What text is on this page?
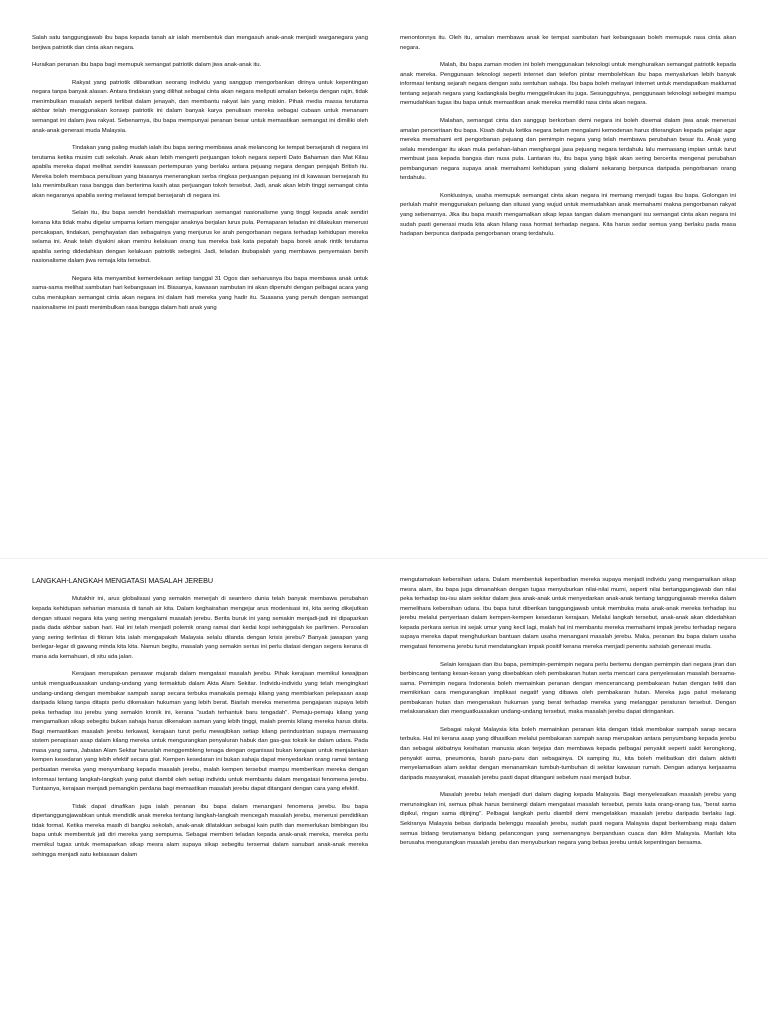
Salah satu tanggungjawab ibu bapa kepada tanah air ialah membentuk dan mengasuh anak-anak menjadi warganegara yang berjiwa patriotik dan cinta akan negara.

Huraikan peranan ibu bapa bagi memupuk semangat patriotik dalam jiwa anak-anak itu.

Rakyat yang patriotik diibaratkan seorang individu yang sanggup mengorbankan dirinya untuk kepentingan negara tanpa banyak alasan. Antara tindakan yang dilihat sebagai cinta akan negara meliputi amalan bekerja dengan rajin, tidak menimbulkan masalah seperti terlibat dalam jenayah, dan membantu rakyat lain yang miskin. Pihak media massa terutama akhbar telah menggunakan konsep patriotik ini dalam banyak karya penulisan mereka sebagai cubaan untuk menanam semangat ini dalam jiwa rakyat. Sebenarnya, ibu bapa mempunyai peranan besar untuk memastikan semangat ini dimiliki oleh anak-anak generasi muda Malaysia.

Tindakan yang paling mudah ialah ibu bapa sering membawa anak melancong ke tempat bersejarah di negara ini terutama ketika musim cuti sekolah. Anak akan lebih mengerti perjuangan tokoh negara seperti Dato Bahaman dan Mat Kilau apabila mereka dapat melihat sendiri kawasan pertempuran yang berlaku antara pejuang negara dengan penjajah British itu. Mereka boleh membaca penulisan yang biasanya menerangkan serba ringkas perjuangan pejuang ini di kawasan bersejarah itu lalu menimbulkan rasa bangga dan berterima kasih atas perjuangan tokoh tersebut. Jadi, anak akan lebih tinggi semangat cinta akan negaranya apabila sering melawat tempat bersejarah di negara ini.

Selain itu, ibu bapa sendiri hendaklah memaparkan semangat nasionalisme yang tinggi kepada anak sendiri kerana kita tidak mahu digelar umpama ketam mengajar anaknya berjalan lurus pula. Pemaparan teladan ini dilakukan menerusi percakapan, tindakan, penghayatan dan sebagainya yang menjurus ke arah pengorbanan negara terhadap kehidupan mereka selama ini. Anak telah diyakini akan meniru kelakuan orang tua mereka bak kata pepatah bapa borek anak rintik terutama apabila sering didedahkan dengan kelakuan patriotik sebegini. Jadi, teladan ibubapalah yang membawa penyemaian benih nasionalisme dalam jiwa remaja kita tersebut.

Negara kita menyambut kemerdekaan setiap tanggal 31 Ogos dan seharusnya ibu bapa membawa anak untuk sama-sama melihat sambutan hari kebangsaan ini. Biasanya, kawasan sambutan ini akan dipenuhi dengan pelbagai acara yang cuba meniupkan semangat cinta akan negara ini dalam hati mereka yang hadir itu. Suasana yang penuh dengan semangat nasionalisme ini pasti menimbulkan rasa bangga dalam hati anak yang

menontonnya itu. Oleh itu, amalan membawa anak ke tempat sambutan hari kebangsaan boleh memupuk rasa cinta akan negara.

Malah, ibu bapa zaman moden ini boleh menggunakan teknologi untuk menghuraikan semangat patriotik kepada anak mereka. Penggunaan teknologi seperti internet dan telefon pintar membolehkan ibu bapa menyalurkan lebih banyak informasi tentang sejarah negara dengan satu sentuhan sahaja. Ibu bapa boleh melayari internet untuk mendapatkan maklumat tentang sejarah negara yang kadangkala begitu menggelirukan itu juga. Sesungguhnya, penggunaan teknologi sebegini mampu memudahkan tugas ibu bapa untuk memastikan anak mereka memiliki rasa cinta akan negara.

Malahan, semangat cinta dan sanggup berkorban demi negara ini boleh disemai dalam jiwa anak menerusi amalan penceritaan ibu bapa. Kisah dahulu ketika negara belum mengalami kemodenan harus diterangkan kepada pelajar agar mereka memahami erti pengorbanan pejuang dan pemimpin negara yang telah membawa perubahan besar itu. Anak yang selalu mendengar itu akan mula perlahan-lahan menghargai jasa pejuang negara terdahulu lalu memasang impian untuk turut membuat jasa kepada bangsa dan nusa pula. Lantaran itu, ibu bapa yang bijak akan sering bercerita mengenai perubahan pembangunan negara supaya anak memahami kehidupan yang dialami sekarang berpunca daripada pengorbanan orang terdahulu.

Konklusinya, usaha memupuk semangat cinta akan negara ini memang menjadi tugas ibu bapa. Golongan ini perlulah mahir menggunakan peluang dan situasi yang wujud untuk memudahkan anak memahami makna pengorbanan rakyat yang sebenarnya. Jika ibu bapa masih mengamalkan sikap lepas tangan dalam menangani isu semangat cinta akan negara ini sudah pasti generasi muda kita akan hilang rasa hormat terhadap negara. Kita harus sedar semua yang berlaku pada masa hadapan berpunca daripada pengorbanan orang terdahulu.

LANGKAH-LANGKAH MENGATASI MASALAH JEREBU

Mutakhir ini, arus globalisasi yang semakin menerjah di seantero dunia telah banyak membawa perubahan kepada kehidupan seharian manusia di tanah air kita. Dalam keghairahan mengejar arus modenisasi ini, kita sering dikejutkan dengan situasi negara kita yang sering mengalami masalah jerebu. Berita buruk ini yang semakin menjadi-jadi ini dipaparkan pada dada akhbar saban hari. Hal ini telah menjadi polemik orang ramai dari kedai kopi sehinggalah ke parlimen. Persoalan yang sering terlintas di fikiran kita ialah mengapakah Malaysia selalu dilanda dengan krisis jerebu? Banyak jawapan yang berlegar-legar di gawang minda kita kita. Namun begitu, masalah yang semakin serius ini perlu diatasi dengan segera kerana di mana ada kemahuan, di situ ada jalan.

Kerajaan merupakan penawar mujarab dalam mengatasi masalah jerebu. Pihak kerajaan memikul kewajipan untuk menguatkuasakan undang-undang yang termaktub dalam Akta Alam Sekitar. Individu-individu yang telah mengingkari undang-undang dengan membakar sampah sarap secara terbuka manakala pemaju kilang yang membiarkan pelepasan asap daripada kilang tanpa ditapis perlu dikenakan hukuman yang lebih berat. Biarlah mereka menerima pengajaran supaya lebih peka terhadap isu jerebu yang semakin kronik ini, kerana "sudah terhantuk baru tengadah". Pemaju-pemaju kilang yang mengamalkan sikap sebegitu bukan sahaja harus dikenakan saman yang lebih tinggi, malah premis kilang mereka harus disita. Bagi memastikan masalah jerebu terkawal, kerajaan turut perlu mewajibkan setiap kilang perindustrian supaya memasang sistem penapisan asap dalam kilang mereka untuk mengurangkan penyaluran habuk dan gas-gas toksik ke dalam udara. Pada masa yang sama, Jabatan Alam Sekitar haruslah menggembleng tenaga dengan organisasi bukan kerajaan untuk menjalankan kempen kesedaran yang lebih efektif secara giat. Kempen kesedaran ini bukan sahaja dapat menyedarkan orang ramai tentang perbuatan mereka yang menyumbang kepada masalah jerebu, malah kempen tersebut mampu memberikan mereka dengan informasi tentang langkah-langkah yang patut diambil oleh setiap individu untuk membantu dalam mengatasi fenomena jerebu. Tuntasnya, kerajaan menjadi pemangkin perdana bagi memastikan masalah jerebu dapat ditangani dengan cara yang efektif.

Tidak dapat dinafikan juga ialah peranan ibu bapa dalam menangani fenomena jerebu. Ibu bapa dipertanggungjawabkan untuk mendidik anak mereka tentang langkah-langkah mencegah masalah jerebu, menerusi pendidikan tidak formal. Ketika mereka masih di bangku sekolah, anak-anak dilatakkan sebagai kain putih dan memerlukan bimbingan ibu bapa untuk membentuk jati diri mereka yang sempurna. Sebagai memberi teladan kepada anak-anak mereka, mereka perlu memikul tugas untuk memaparkan sikap mesra alam supaya sikap sebegitu tersemai dalam sanubari anak-anak mereka sehingga menjadi satu kebiasaan dalam

mengutamakan kebersihan udara. Dalam membentuk keperibadian mereka supaya menjadi individu yang mengamalkan sikap mesra alam, ibu bapa juga dimanahkan dengan tugas menyuburkan nilai-nilai murni, seperti nilai bertanggungjawab dan nilai peka terhadap isu-isu alam sekitar dalam jiwa anak-anak untuk menyedarkan anak-anak tentang tanggungjawab mereka dalam memelihara kebersihan udara. Ibu bapa turut diberikan tanggungjawab untuk membuka mata anak-anak mereka terhadap isu jerebu melalui penyertaan dalam kempen-kempen kesedaran kerajaan. Melalui langkah tersebut, anak-anak akan didedahkan kepada perkara serius ini sejak umur yang kecil lagi, malah hal ini membantu mereka memahami impak jerebu terhadap negara supaya mereka dapat menghulurkan bantuan dalam usaha menangani masalah jerebu. Maka, peranan ibu bapa dalam usaha mengatasi fenomena jerebu turut mendatangkan impak positif kerana mereka menjadi penentu sahsiah generasi muda.

Selain kerajaan dan ibu bapa, pemimpin-pemimpin negara perlu bertemu dengan pemimpin dari negara jiran dan berbincang tentang kesan-kesan yang disebabkan oleh pembakaran hutan serta mencari cara penyelesaian masalah bersama-sama. Pemimpin negara Indonesia boleh memainkan peranan dengan mencerancang pembakaran hutan dengan teliti dan memikirkan cara mengurangkan implikasi negatif yang dibawa oleh pembakaran hutan. Mereka juga patut melarang pembakaran hutan dan mengenakan hukuman yang berat terhadap mereka yang melanggar peraturan tersebut. Dengan melaksanakan dan menguatkuasakan undang-undang tersebut, maka masalah jerebu dapat diringankan.

Sebagai rakyat Malaysia kita boleh memainkan peranan kita dengan tidak membakar sampah sarap secara terbuka. Hal ini kerana asap yang dihasilkan melalui pembakaran sampah sarap merupakan antara penyumbang kepada jerebu dan sebagai akibatnya kesihatan manusia akan terjejas dan membawa kepada pelbagai penyakit seperti sakit kerongkong, penyakit asma, pneumonia, barah paru-paru dan sebagainya. Di samping itu, kita boleh melibatkan diri dalam aktiviti menyelamatkan alam sekitar dengan menanamkan tumbuh-tumbuhan di sekitar kawasan rumah. Dengan adanya kerjasama daripada masyarakat, masalah jerebu pasti dapat ditangani sebelum nasi menjadi bubur.

Masalah jerebu telah menjadi duri dalam daging kepada Malaysia. Bagi menyelesaikan masalah jerebu yang merunsingkan ini, semua pihak harus bersinergi dalam mengatasi masalah tersebut, persis kata orang-orang tua, "berat sama dipikul, ringan sama dijinjing". Pelbagai langkah perlu diambil demi mengelakkan masalah jerebu daripada berlaku lagi. Sekiranya Malaysia bebas daripada belenggu masalah jerebu, sudah pasti negara Malaysia dapat berkembang maju dalam semua bidang terutamanya bidang pelancongan yang semenangnya berpanduan cuaca dan iklim Malaysia. Marilah kita berusaha mengurangkan masalah jerebu dan menyuburkan negara yang bebas jerebu untuk kepentingan bersama.
